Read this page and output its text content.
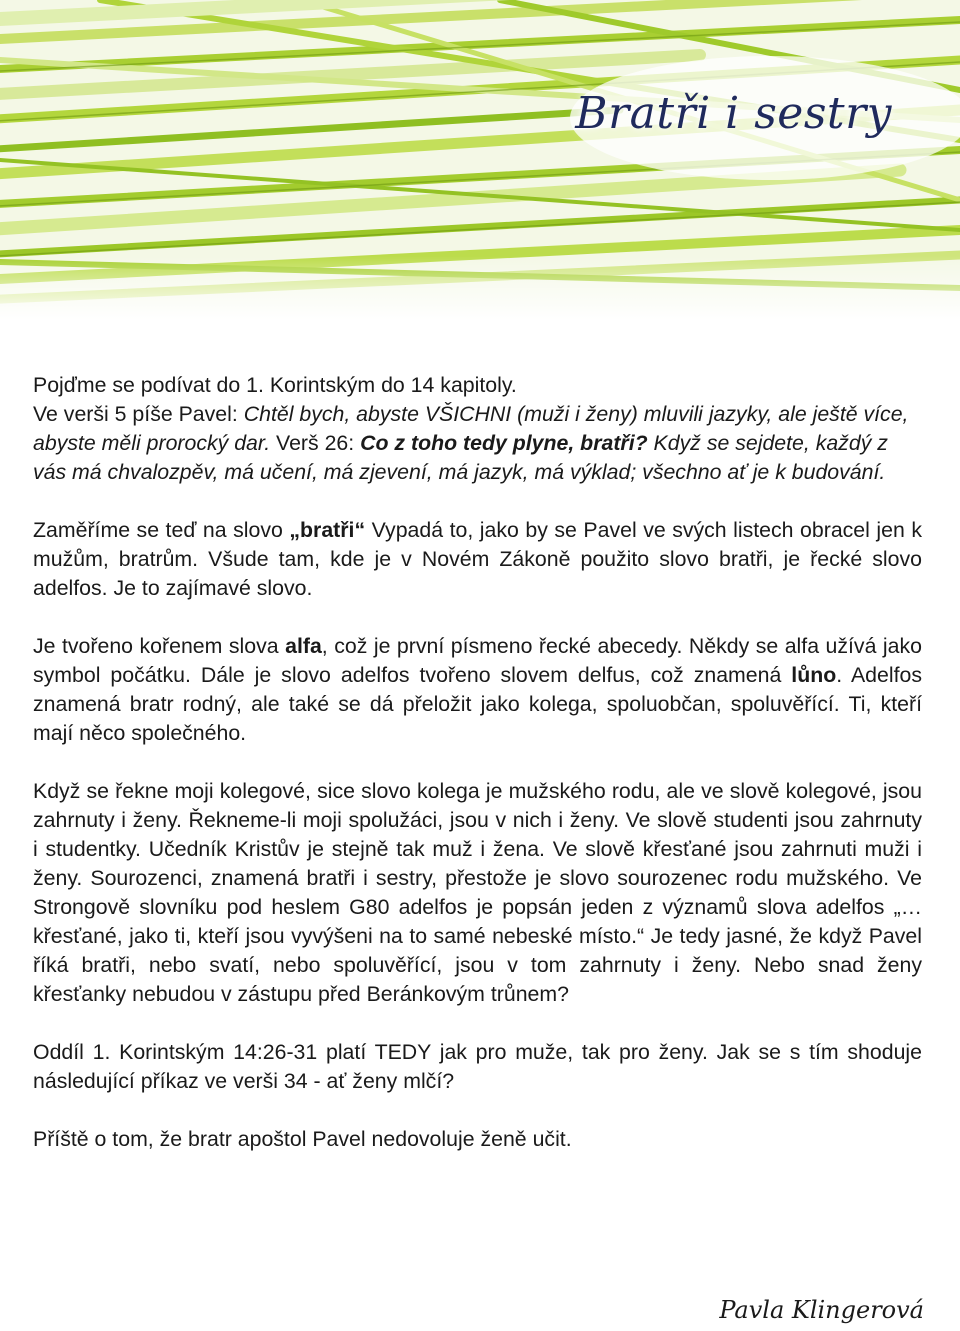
Bratři i sestry

Pojďme se podívat do 1. Korintským do 14 kapitoly.
Ve verši 5 píše Pavel: Chtěl bych, abyste VŠICHNI (muži i ženy) mluvili jazyky, ale ještě více, abyste měli prorocký dar. Verš 26: Co z toho tedy plyne, bratři? Když se sejdete, každý z vás má chvalozpěv, má učení, má zjevení, má jazyk, má výklad; všechno ať je k budování.

Zaměříme se teď na slovo „bratři“ Vypadá to, jako by se Pavel ve svých listech obracel jen k mužům, bratrům. Všude tam, kde je v Novém Zákoně použito slovo bratři, je řecké slovo adelfos. Je to zajímavé slovo.

Je tvořeno kořenem slova alfa, což je první písmeno řecké abecedy. Někdy se alfa užívá jako symbol počátku. Dále je slovo adelfos tvořeno slovem delfus, což znamená lůno. Adelfos znamená bratr rodný, ale také se dá přeložit jako kolega, spoluobčan, spoluvěřící. Ti, kteří mají něco společného.

Když se řekne moji kolegové, sice slovo kolega je mužského rodu, ale ve slově kolegové, jsou zahrnuty i ženy. Řekneme-li moji spolužáci, jsou v nich i ženy. Ve slově studenti jsou zahrnuty i studentky. Učedník Kristův je stejně tak muž i žena. Ve slově křesťané jsou zahrnuti muži i ženy. Sourozenci, znamená bratři i sestry, přestože je slovo sourozenec rodu mužského. Ve Strongově slovníku pod heslem G80 adelfos je popsán jeden z významů slova adelfos „…křesťané, jako ti, kteří jsou vyvýšeni na to samé nebeské místo.“ Je tedy jasné, že když Pavel říká bratři, nebo svatí, nebo spoluvěřící, jsou v tom zahrnuty i ženy. Nebo snad ženy křesťanky nebudou v zástupu před Beránkovým trůnem?

Oddíl 1. Korintským 14:26-31 platí TEDY jak pro muže, tak pro ženy. Jak se s tím shoduje následující příkaz ve verši 34 - ať ženy mlčí?

Příště o tom, že bratr apoštol Pavel nedovoluje ženě učit.

Pavla Klingerová
